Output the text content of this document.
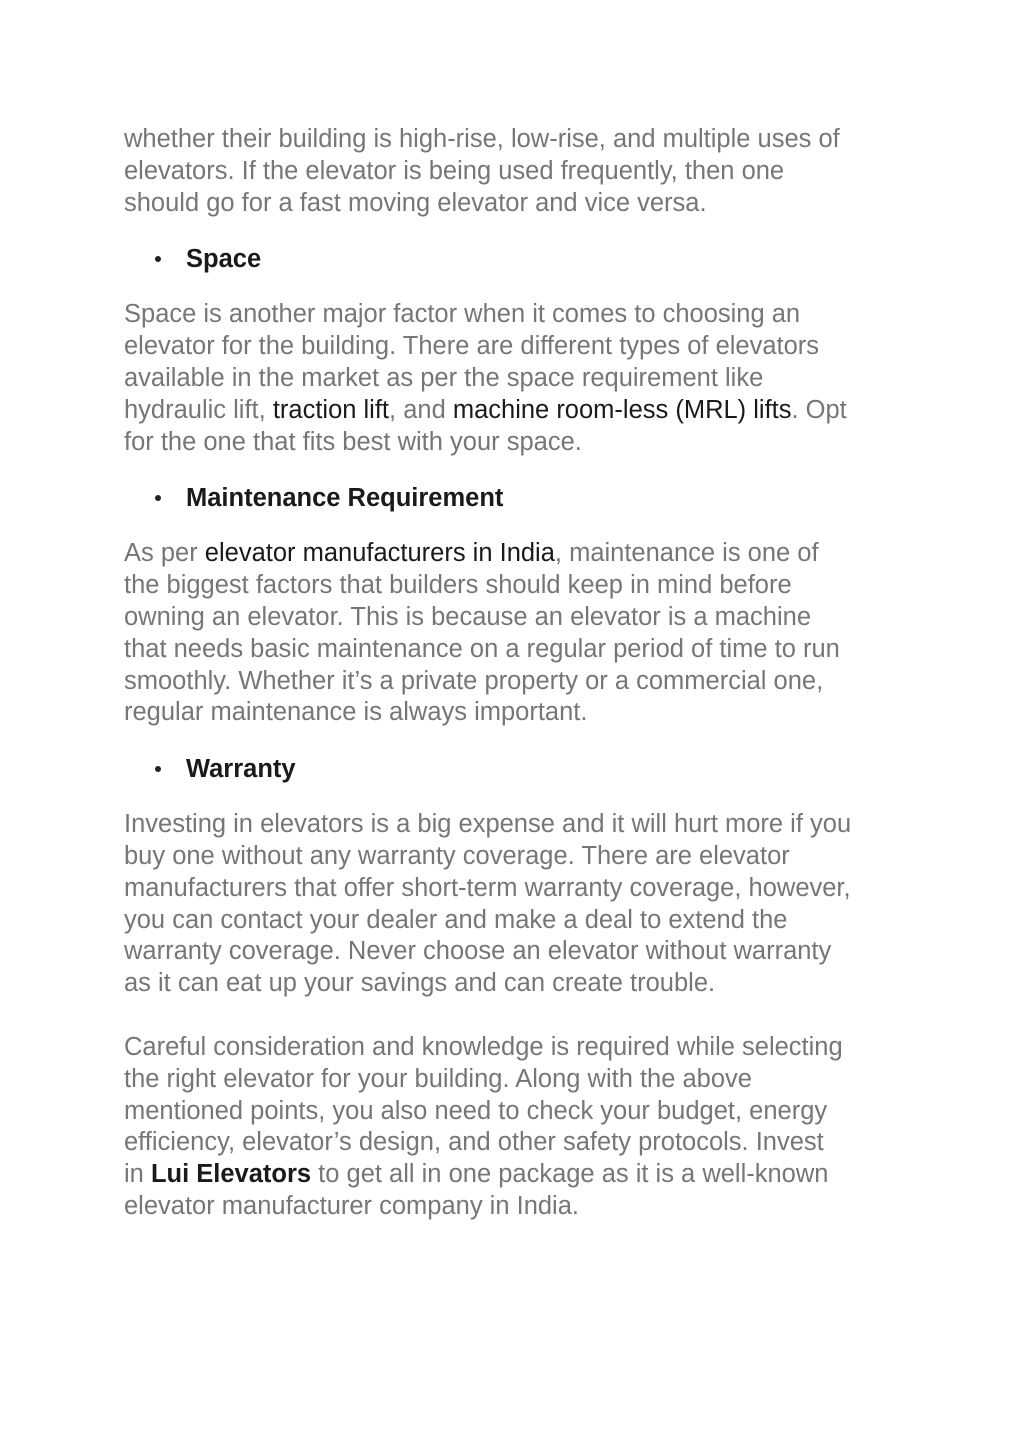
whether their building is high-rise, low-rise, and multiple uses of
elevators. If the elevator is being used frequently, then one
should go for a fast moving elevator and vice versa.

Space

Space is another major factor when it comes to choosing an
elevator for the building. There are different types of elevators
available in the market as per the space requirement like
hydraulic lift, traction lift, and machine room-less (MRL) lifts. Opt
for the one that fits best with your space.

Maintenance Requirement

As per elevator manufacturers in India, maintenance is one of
the biggest factors that builders should keep in mind before
owning an elevator. This is because an elevator is a machine
that needs basic maintenance on a regular period of time to run
smoothly. Whether it’s a private property or a commercial one,
regular maintenance is always important.

Warranty

Investing in elevators is a big expense and it will hurt more if you
buy one without any warranty coverage. There are elevator
manufacturers that offer short-term warranty coverage, however,
you can contact your dealer and make a deal to extend the
warranty coverage. Never choose an elevator without warranty
as it can eat up your savings and can create trouble.

Careful consideration and knowledge is required while selecting
the right elevator for your building. Along with the above
mentioned points, you also need to check your budget, energy
efficiency, elevator’s design, and other safety protocols. Invest
in Lui Elevators to get all in one package as it is a well-known
elevator manufacturer company in India.
